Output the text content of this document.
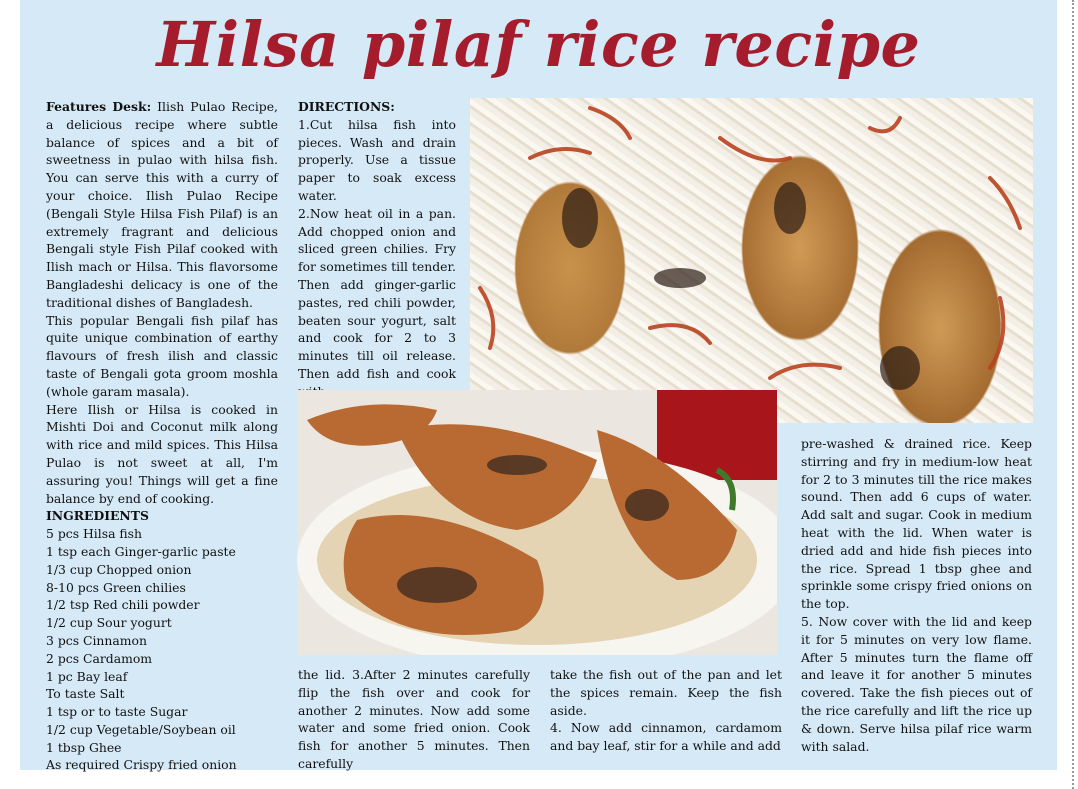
Hilsa pilaf rice recipe

Features Desk: Ilish Pulao Recipe, a delicious recipe where subtle balance of spices and a bit of sweetness in pulao with hilsa fish. You can serve this with a curry of your choice. Ilish Pulao Recipe (Bengali Style Hilsa Fish Pilaf) is an extremely fragrant and delicious Bengali style Fish Pilaf cooked with Ilish mach or Hilsa. This flavorsome Bangladeshi delicacy is one of the traditional dishes of Bangladesh.

This popular Bengali fish pilaf has quite unique combination of earthy flavours of fresh ilish and classic taste of Bengali gota groom moshla (whole garam masala).

Here Ilish or Hilsa is cooked in Mishti Doi and Coconut milk along with rice and mild spices. This Hilsa Pulao is not sweet at all, I'm assuring you! Things will get a fine balance by end of cooking.

INGREDIENTS

5 pcs Hilsa fish

1 tsp each Ginger-garlic paste

1/3 cup Chopped onion

8-10 pcs Green chilies

1/2 tsp Red chili powder

1/2 cup Sour yogurt

3 pcs Cinnamon

2 pcs Cardamom

1 pc Bay leaf

To taste Salt

1 tsp or to taste Sugar

1/2 cup Vegetable/Soybean oil

1 tbsp Ghee

As required Crispy fried onion

DIRECTIONS:

1.Cut hilsa fish into pieces. Wash and drain properly. Use a tissue paper to soak excess water.

2.Now heat oil in a pan. Add chopped onion and sliced green chilies. Fry for sometimes till tender. Then add ginger-garlic pastes, red chili powder, beaten sour yogurt, salt and cook for 2 to 3 minutes till oil release. Then add fish and cook

the lid. 3.After 2 minutes carefully flip the fish over and cook for another 2 minutes. Now add some water and some fried onion. Cook fish for another 5 minutes. Then carefully

take the fish out of the pan and let the spices remain. Keep the fish aside.

4. Now add cinnamon, cardamom and bay leaf, stir for a while and add

pre-washed & drained rice. Keep stirring and fry in medium-low heat for 2 to 3 minutes till the rice makes sound. Then add 6 cups of water. Add salt and sugar. Cook in medium heat with the lid. When water is dried add and hide fish pieces into the rice. Spread 1 tbsp ghee and sprinkle some crispy fried onions on the top.

5. Now cover with the lid and keep it for 5 minutes on very low flame. After 5 minutes turn the flame off and leave it for another 5 minutes covered. Take the fish pieces out of the rice carefully and lift the rice up & down. Serve hilsa pilaf rice warm with salad.
